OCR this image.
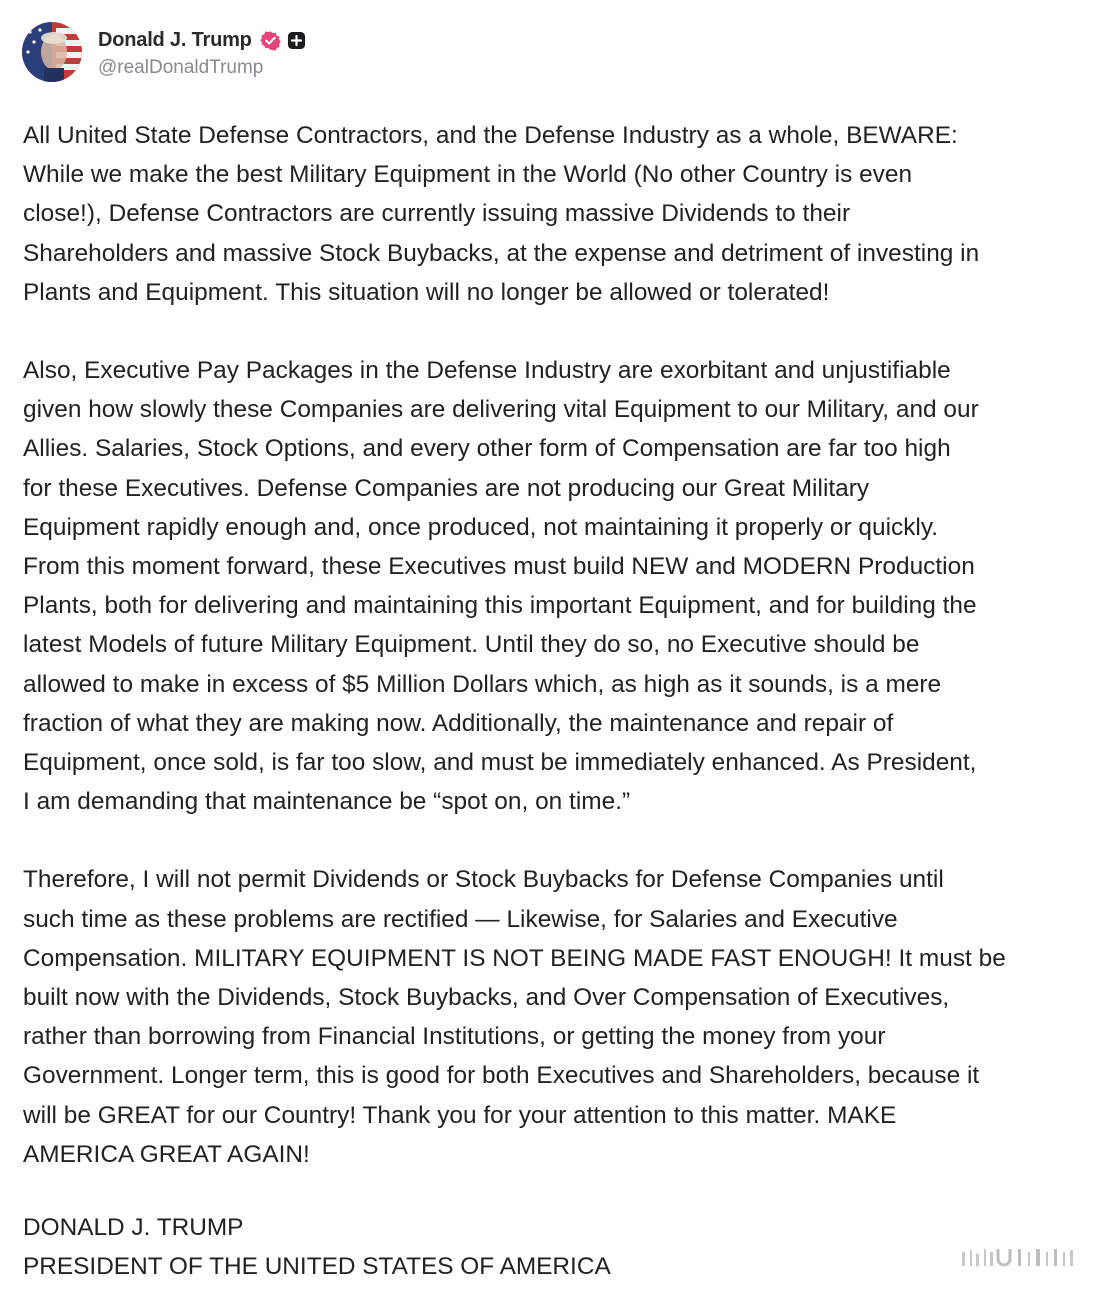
Donald J. Trump
@realDonaldTrump

All United State Defense Contractors, and the Defense Industry as a whole, BEWARE:
While we make the best Military Equipment in the World (No other Country is even
close!), Defense Contractors are currently issuing massive Dividends to their
Shareholders and massive Stock Buybacks, at the expense and detriment of investing in
Plants and Equipment. This situation will no longer be allowed or tolerated!

Also, Executive Pay Packages in the Defense Industry are exorbitant and unjustifiable
given how slowly these Companies are delivering vital Equipment to our Military, and our
Allies. Salaries, Stock Options, and every other form of Compensation are far too high
for these Executives. Defense Companies are not producing our Great Military
Equipment rapidly enough and, once produced, not maintaining it properly or quickly.
From this moment forward, these Executives must build NEW and MODERN Production
Plants, both for delivering and maintaining this important Equipment, and for building the
latest Models of future Military Equipment. Until they do so, no Executive should be
allowed to make in excess of $5 Million Dollars which, as high as it sounds, is a mere
fraction of what they are making now. Additionally, the maintenance and repair of
Equipment, once sold, is far too slow, and must be immediately enhanced. As President,
I am demanding that maintenance be “spot on, on time.”

Therefore, I will not permit Dividends or Stock Buybacks for Defense Companies until
such time as these problems are rectified — Likewise, for Salaries and Executive
Compensation. MILITARY EQUIPMENT IS NOT BEING MADE FAST ENOUGH! It must be
built now with the Dividends, Stock Buybacks, and Over Compensation of Executives,
rather than borrowing from Financial Institutions, or getting the money from your
Government. Longer term, this is good for both Executives and Shareholders, because it
will be GREAT for our Country! Thank you for your attention to this matter. MAKE
AMERICA GREAT AGAIN!

DONALD J. TRUMP

PRESIDENT OF THE UNITED STATES OF AMERICA
